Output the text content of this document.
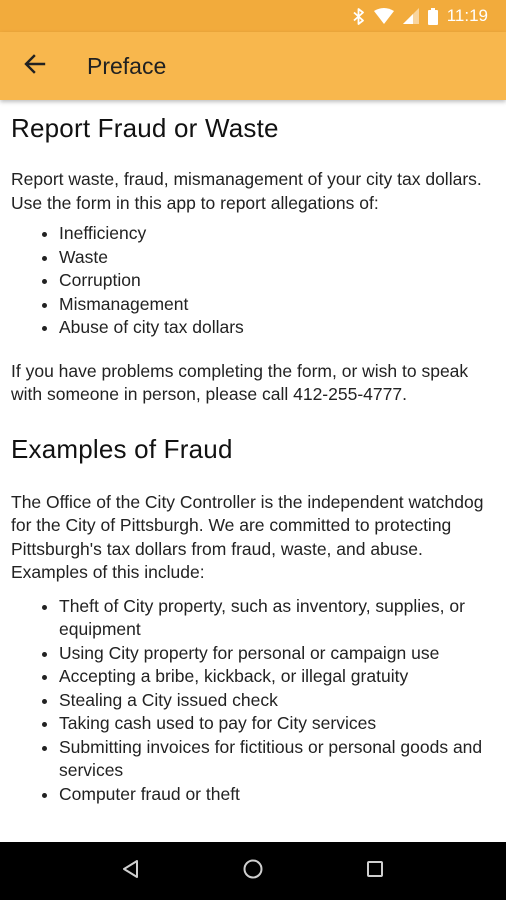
11:19
Preface
Report Fraud or Waste

Report waste, fraud, mismanagement of your city tax dollars. Use the form in this app to report allegations of:

• Inefficiency
• Waste
• Corruption
• Mismanagement
• Abuse of city tax dollars

If you have problems completing the form, or wish to speak with someone in person, please call 412-255-4777.

Examples of Fraud

The Office of the City Controller is the independent watchdog for the City of Pittsburgh. We are committed to protecting Pittsburgh's tax dollars from fraud, waste, and abuse. Examples of this include:

• Theft of City property, such as inventory, supplies, or equipment
• Using City property for personal or campaign use
• Accepting a bribe, kickback, or illegal gratuity
• Stealing a City issued check
• Taking cash used to pay for City services
• Submitting invoices for fictitious or personal goods and services
• Computer fraud or theft
